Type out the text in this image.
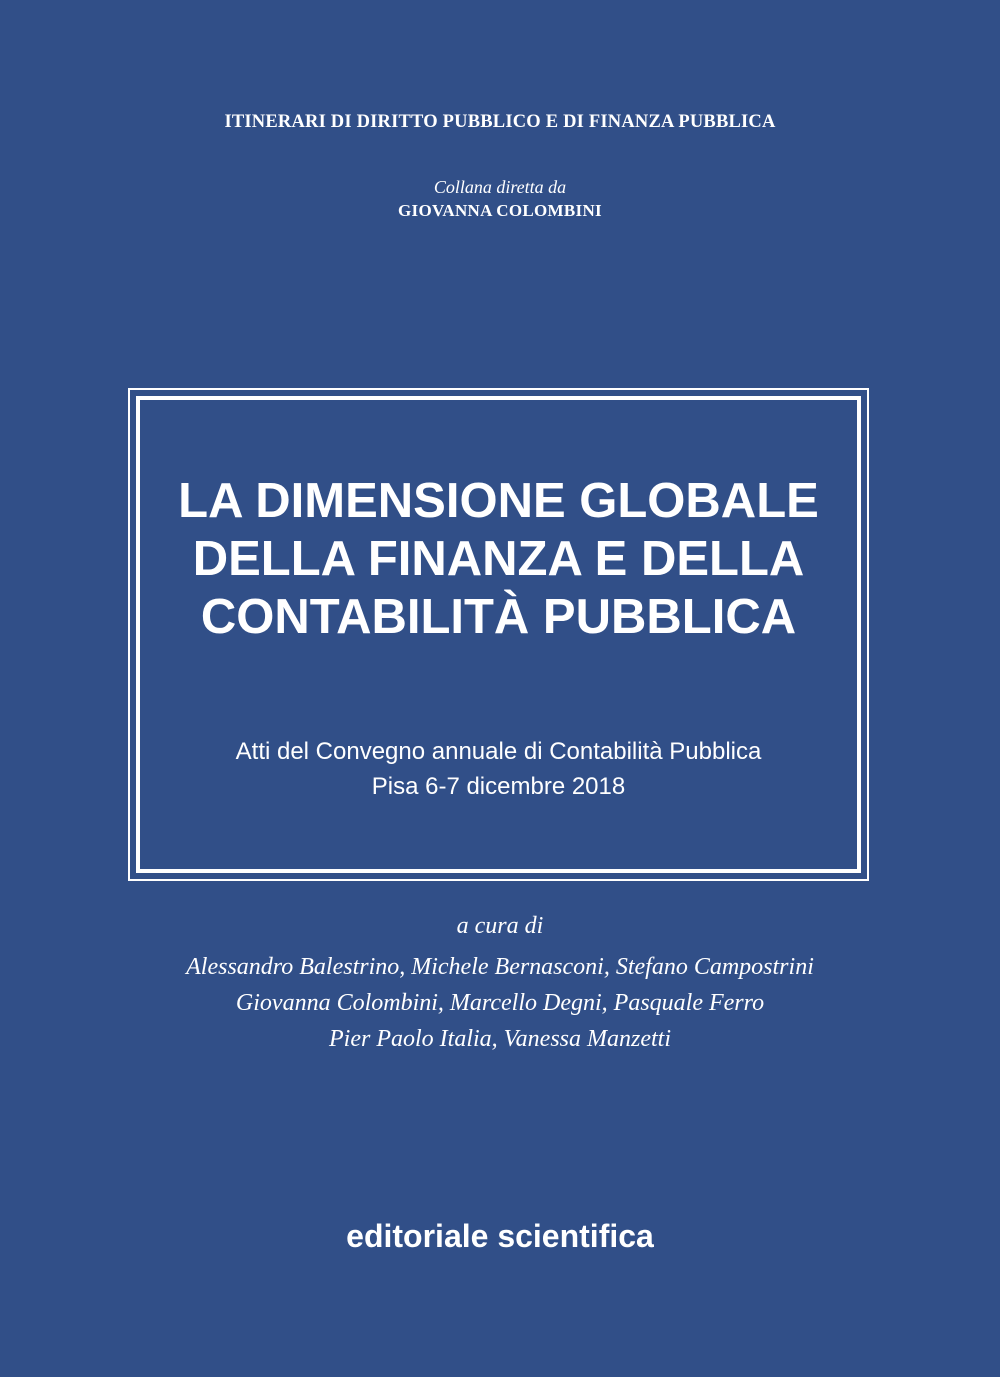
ITINERARI DI DIRITTO PUBBLICO E DI FINANZA PUBBLICA
Collana diretta da
GIOVANNA COLOMBINI
LA DIMENSIONE GLOBALE
DELLA FINANZA E DELLA
CONTABILITÀ PUBBLICA
Atti del Convegno annuale di Contabilità Pubblica
Pisa 6-7 dicembre 2018
a cura di
Alessandro Balestrino, Michele Bernasconi, Stefano Campostrini
Giovanna Colombini, Marcello Degni, Pasquale Ferro
Pier Paolo Italia, Vanessa Manzetti
editoriale scientifica
